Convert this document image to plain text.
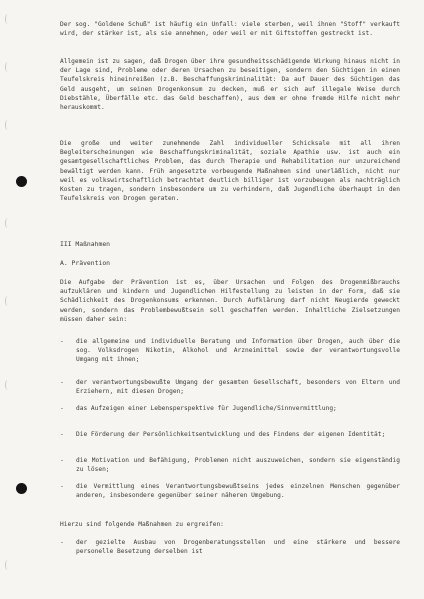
Der sog. "Goldene Schuß" ist häufig ein Unfall: viele sterben, weil ihnen "Stoff" verkauft wird, der stärker ist, als sie annehmen, oder weil er mit Giftstoffen gestreckt ist.

Allgemein ist zu sagen, daß Drogen über ihre gesundheitsschädigende Wirkung hinaus nicht in der Lage sind, Probleme oder deren Ursachen zu beseitigen, sondern den Süchtigen in einen Teufelskreis hineinreißen (z.B. Beschaffungskriminalität: Da auf Dauer des Süchtigen das Geld ausgeht, um seinen Drogenkonsum zu decken, muß er sich auf illegale Weise durch Diebstähle, Überfälle etc. das Geld beschaffen), aus dem er ohne fremde Hilfe nicht mehr herauskommt.

Die große und weiter zunehmende Zahl individueller Schicksale mit all ihren Begleiterscheinungen wie Beschaffungskriminalität, soziale Apathie usw. ist auch ein gesamtgesellschaftliches Problem, das durch Therapie und Rehabilitation nur unzureichend bewältigt werden kann. Früh angesetzte vorbeugende Maßnahmen sind unerläßlich, nicht nur weil es volkswirtschaftlich betrachtet deutlich billiger ist vorzubeugen als nachträglich Kosten zu tragen, sondern insbesondere um zu verhindern, daß Jugendliche überhaupt in den Teufelskreis von Drogen geraten.

III Maßnahmen
A. Prävention

Die Aufgabe der Prävention ist es, über Ursachen und Folgen des Drogenmißbrauchs aufzuklären und kindern und Jugendlichen Hilfestellung zu leisten in der Form, daß sie Schädlichkeit des Drogenkonsums erkennen. Durch Aufklärung darf nicht Neugierde geweckt werden, sondern das Problembewußtsein soll geschaffen werden. Inhaltliche Zielsetzungen müssen daher sein:

- die allgemeine und individuelle Beratung und Information über Drogen, auch über die sog. Volksdrogen Nikotin, Alkohol und Arzneimittel sowie der verantwortungsvolle Umgang mit ihnen;
- der verantwortungsbewußte Umgang der gesamten Gesellschaft, besonders von Eltern und Erziehern, mit diesen Drogen;
- das Aufzeigen einer Lebensperspektive für Jugendliche/Sinnvermittlung;
- Die Förderung der Persönlichkeitsentwicklung und des Findens der eigenen Identität;
- die Motivation und Befähigung, Problemen nicht auszuweichen, sondern sie eigenständig zu lösen;
- die Vermittlung eines Verantwortungsbewußtseins jedes einzelnen Menschen gegenüber anderen, insbesondere gegenüber seiner näheren Umgebung.

Hierzu sind folgende Maßnahmen zu ergreifen:

- der gezielte Ausbau von Drogenberatungsstellen und eine stärkere und bessere personelle Besetzung derselben ist
